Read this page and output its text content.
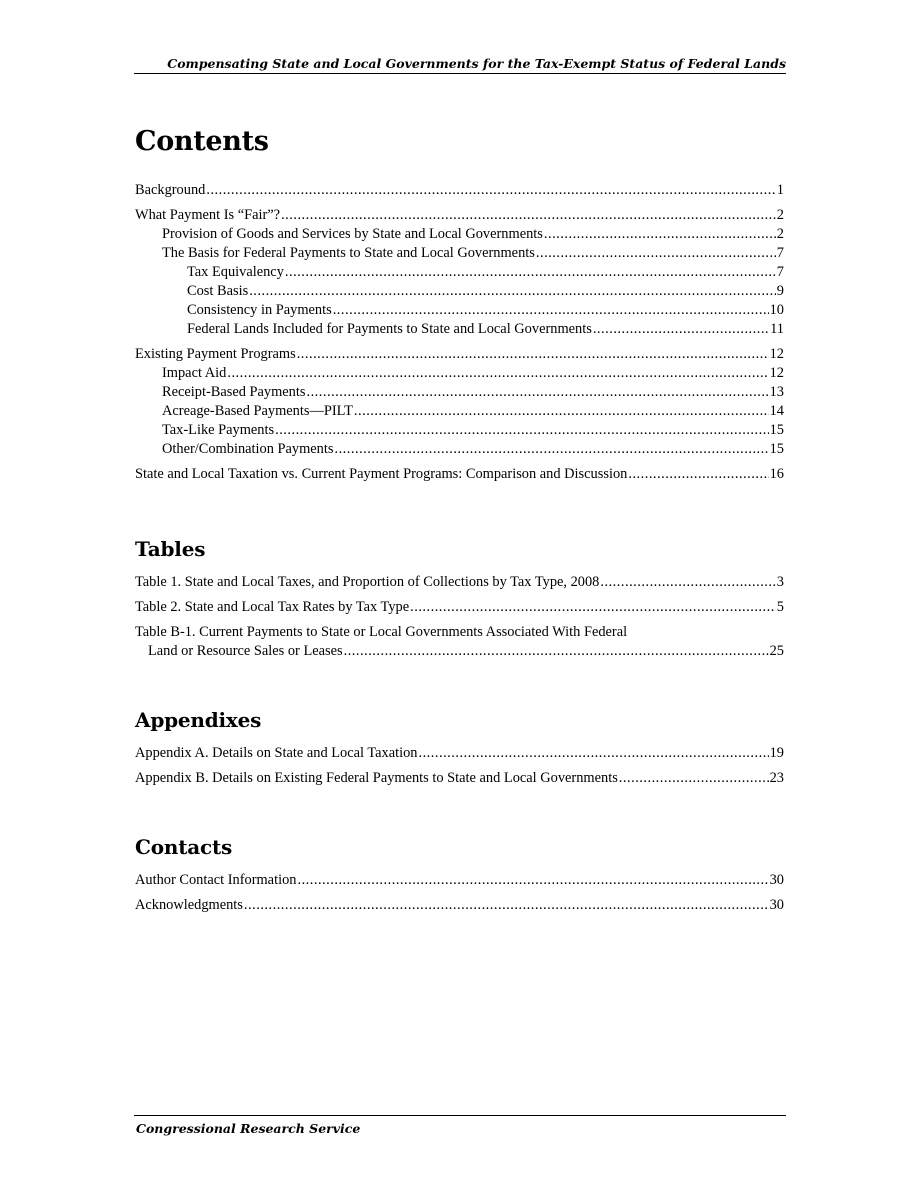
Compensating State and Local Governments for the Tax-Exempt Status of Federal Lands
Contents
Background .....	1
What Payment Is “Fair”? .....	2
Provision of Goods and Services by State and Local Governments .....	2
The Basis for Federal Payments to State and Local Governments .....	7
Tax Equivalency .....	7
Cost Basis .....	9
Consistency in Payments .....	10
Federal Lands Included for Payments to State and Local Governments .....	11
Existing Payment Programs .....	12
Impact Aid .....	12
Receipt-Based Payments .....	13
Acreage-Based Payments—PILT .....	14
Tax-Like Payments .....	15
Other/Combination Payments .....	15
State and Local Taxation vs. Current Payment Programs: Comparison and Discussion .....	16
Tables
Table 1. State and Local Taxes, and Proportion of Collections by Tax Type, 2008 .....	3
Table 2. State and Local Tax Rates by Tax Type .....	5
Table B-1. Current Payments to State or Local Governments Associated With Federal
Land or Resource Sales or Leases .....	25
Appendixes
Appendix A. Details on State and Local Taxation .....	19
Appendix B. Details on Existing Federal Payments to State and Local Governments .....	23
Contacts
Author Contact Information .....	30
Acknowledgments .....	30
Congressional Research Service
